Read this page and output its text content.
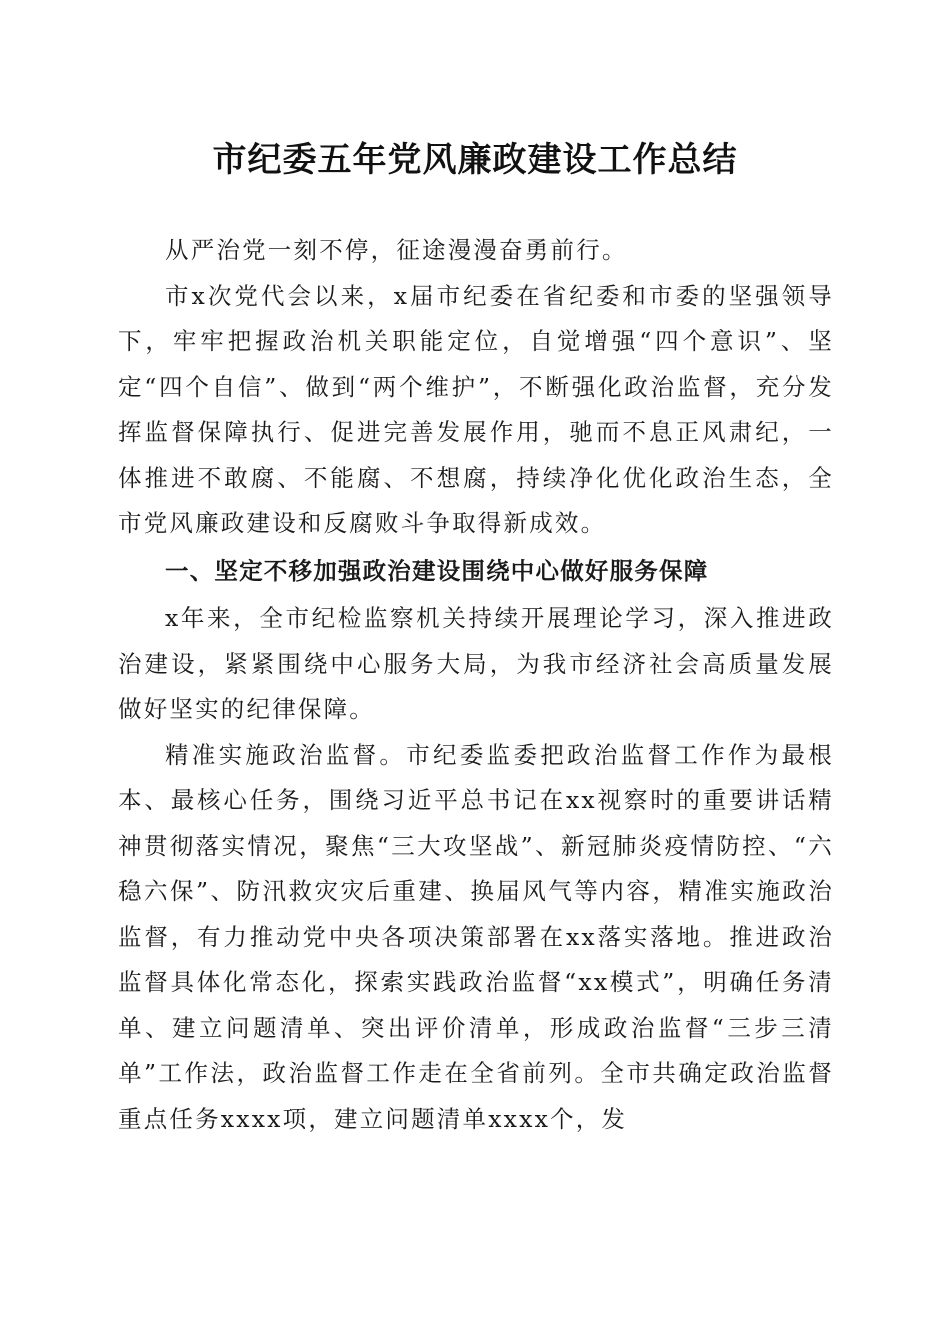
市纪委五年党风廉政建设工作总结

从严治党一刻不停，征途漫漫奋勇前行。

市x次党代会以来，x届市纪委在省纪委和市委的坚强领导下，牢牢把握政治机关职能定位，自觉增强“四个意识”、坚定“四个自信”、做到“两个维护”，不断强化政治监督，充分发挥监督保障执行、促进完善发展作用，驰而不息正风肃纪，一体推进不敢腐、不能腐、不想腐，持续净化优化政治生态，全市党风廉政建设和反腐败斗争取得新成效。

一、坚定不移加强政治建设围绕中心做好服务保障

x年来，全市纪检监察机关持续开展理论学习，深入推进政治建设，紧紧围绕中心服务大局，为我市经济社会高质量发展做好坚实的纪律保障。

精准实施政治监督。市纪委监委把政治监督工作作为最根本、最核心任务，围绕习近平总书记在xx视察时的重要讲话精神贯彻落实情况，聚焦“三大攻坚战”、新冠肺炎疫情防控、“六稳六保”、防汛救灾灾后重建、换届风气等内容，精准实施政治监督，有力推动党中央各项决策部署在xx落实落地。推进政治监督具体化常态化，探索实践政治监督“xx模式”，明确任务清单、建立问题清单、突出评价清单，形成政治监督“三步三清单”工作法，政治监督工作走在全省前列。全市共确定政治监督重点任务xxxx项，建立问题清单xxxx个，发
